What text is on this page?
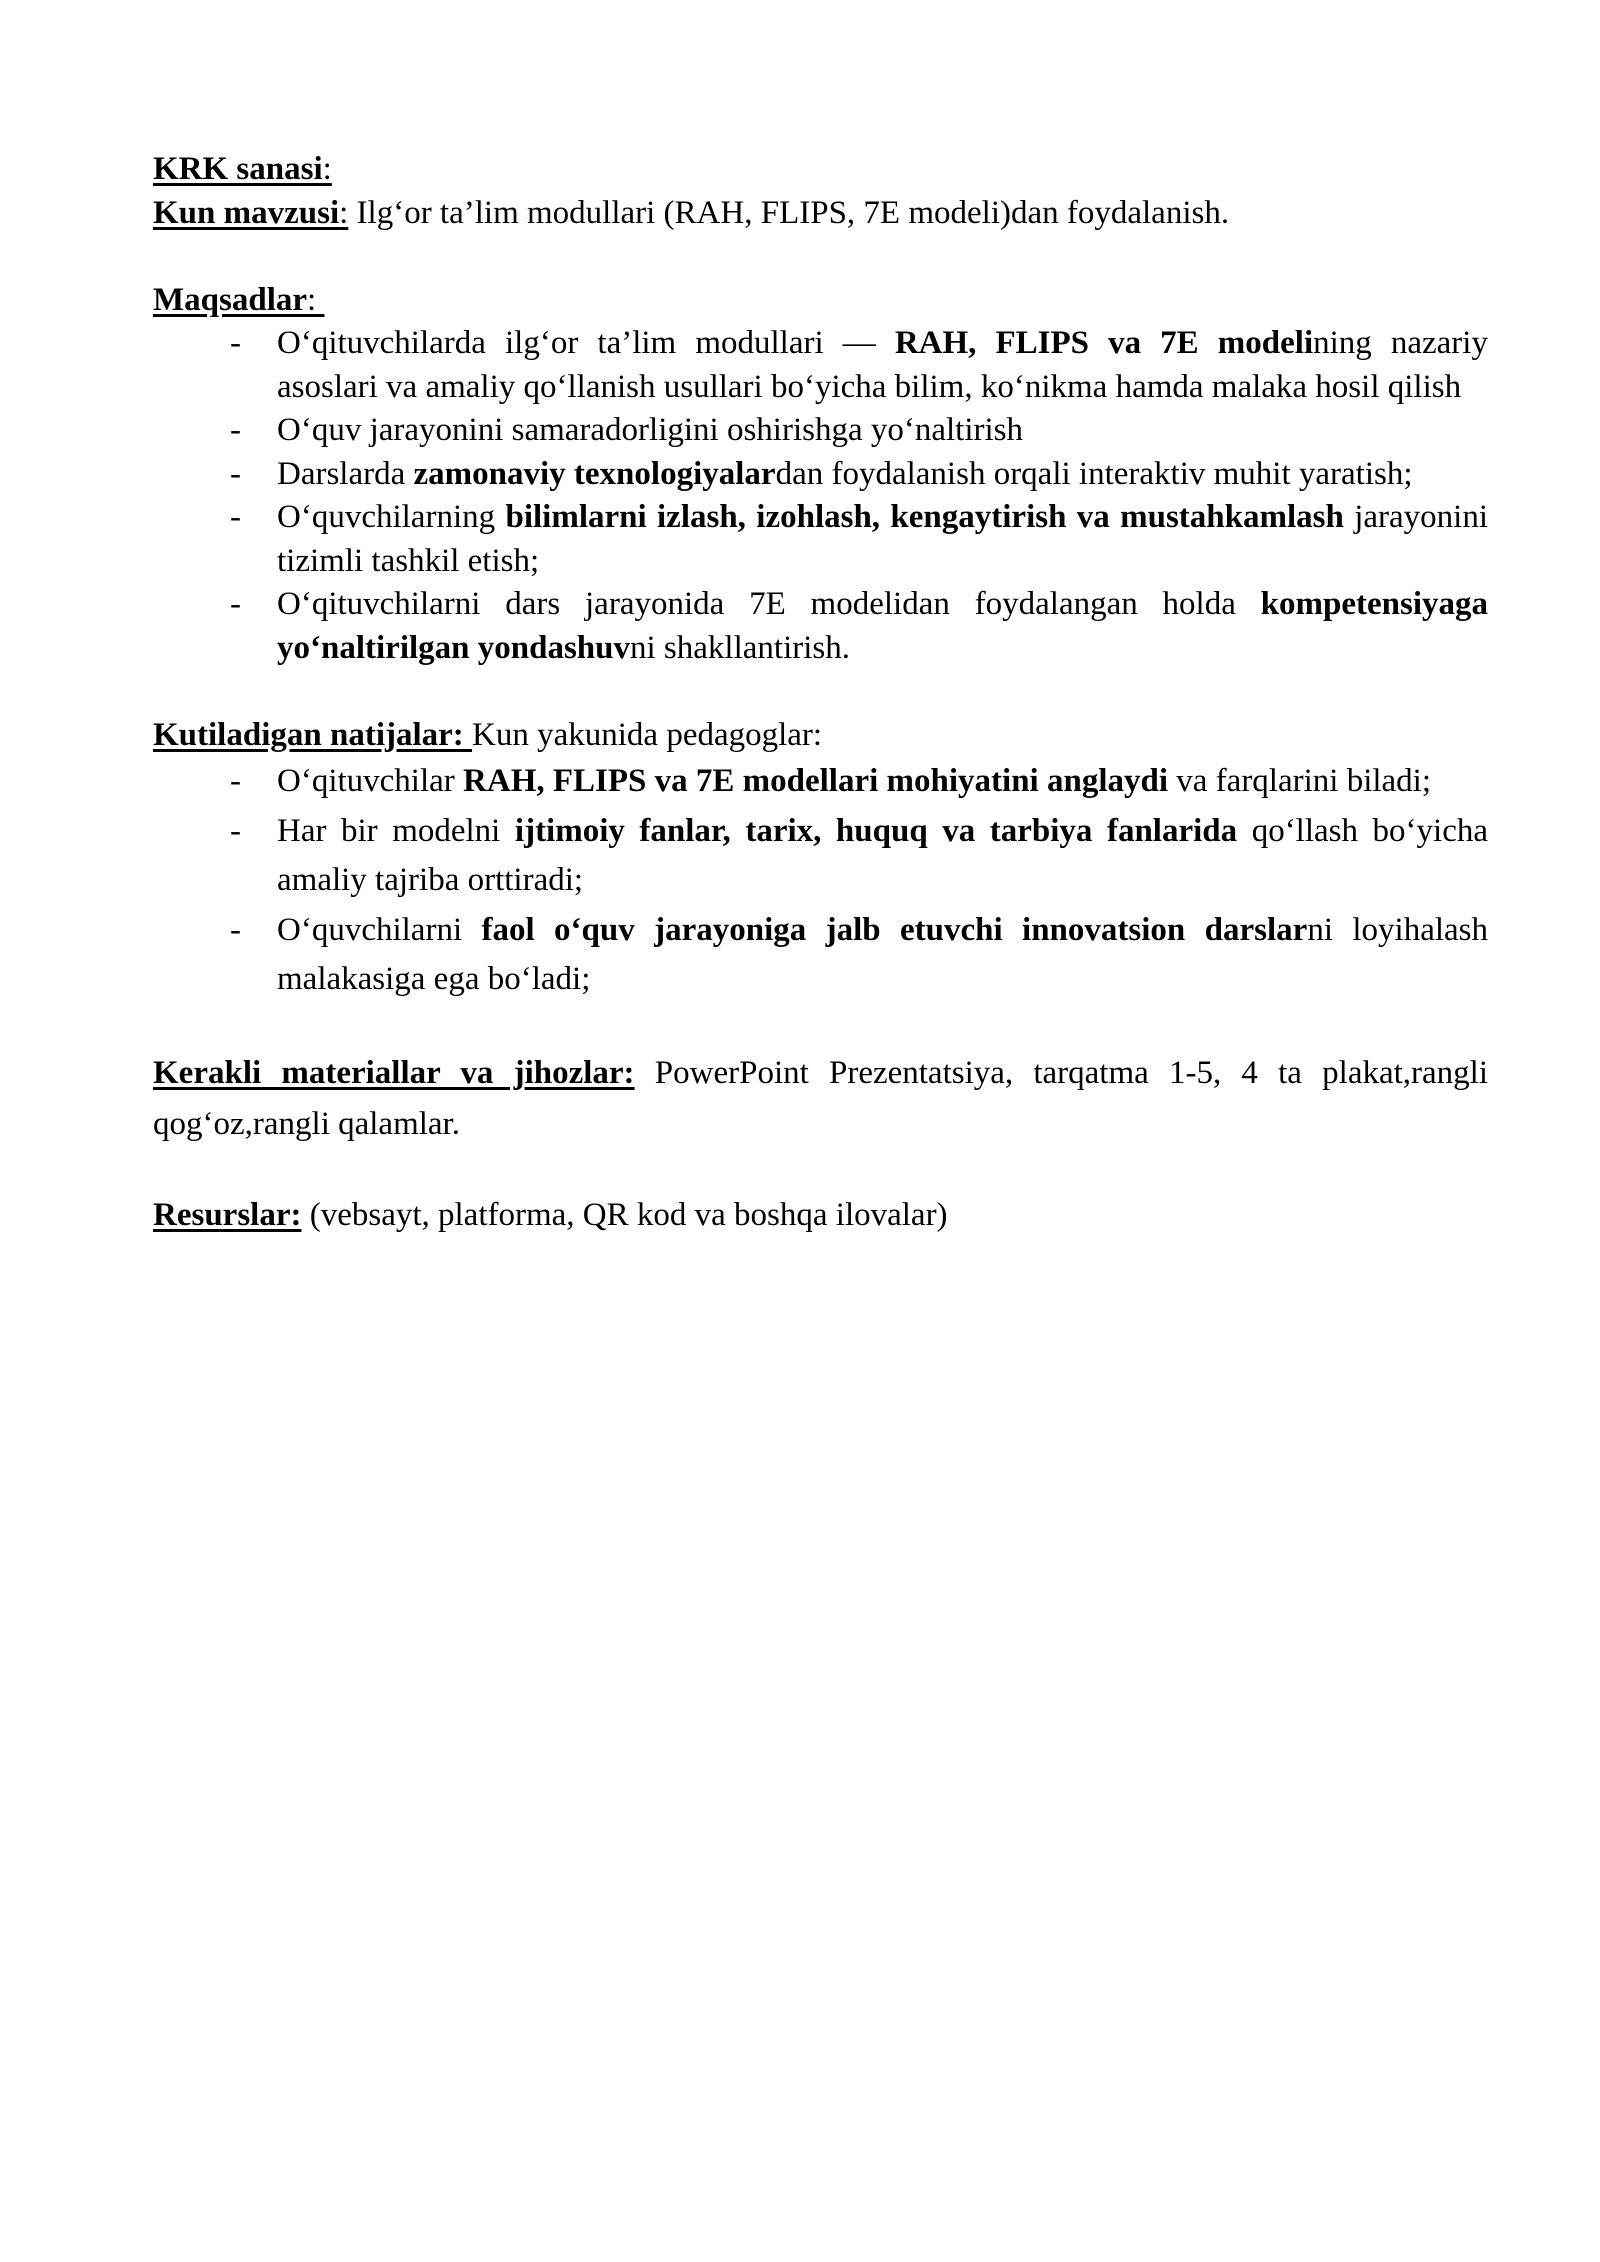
KRK sanasi:

Kun mavzusi: Ilg‘or ta’lim modullari (RAH, FLIPS, 7E modeli)dan foydalanish.

Maqsadlar:

- O‘qituvchilarda ilg‘or ta’lim modullari — RAH, FLIPS va 7E modelining nazariy asoslari va amaliy qo‘llanish usullari bo‘yicha bilim, ko‘nikma hamda malaka hosil qilish
- O‘quv jarayonini samaradorligini oshirishga yo‘naltirish
- Darslarda zamonaviy texnologiyalardan foydalanish orqali interaktiv muhit yaratish;
- O‘quvchilarning bilimlarni izlash, izohlash, kengaytirish va mustahkamlash jarayonini tizimli tashkil etish;
- O‘qituvchilarni dars jarayonida 7E modelidan foydalangan holda kompetensiyaga yo‘naltirilgan yondashuvni shakllantirish.

Kutiladigan natijalar: Kun yakunida pedagoglar:

- O‘qituvchilar RAH, FLIPS va 7E modellari mohiyatini anglaydi va farqlarini biladi;
- Har bir modelni ijtimoiy fanlar, tarix, huquq va tarbiya fanlarida qo‘llash bo‘yicha amaliy tajriba orttiradi;
- O‘quvchilarni faol o‘quv jarayoniga jalb etuvchi innovatsion darslarni loyihalash malakasiga ega bo‘ladi;

Kerakli materiallar va jihozlar: PowerPoint Prezentatsiya, tarqatma 1-5, 4 ta plakat,rangli qog‘oz,rangli qalamlar.

Resurslar: (vebsayt, platforma, QR kod va boshqa ilovalar)
